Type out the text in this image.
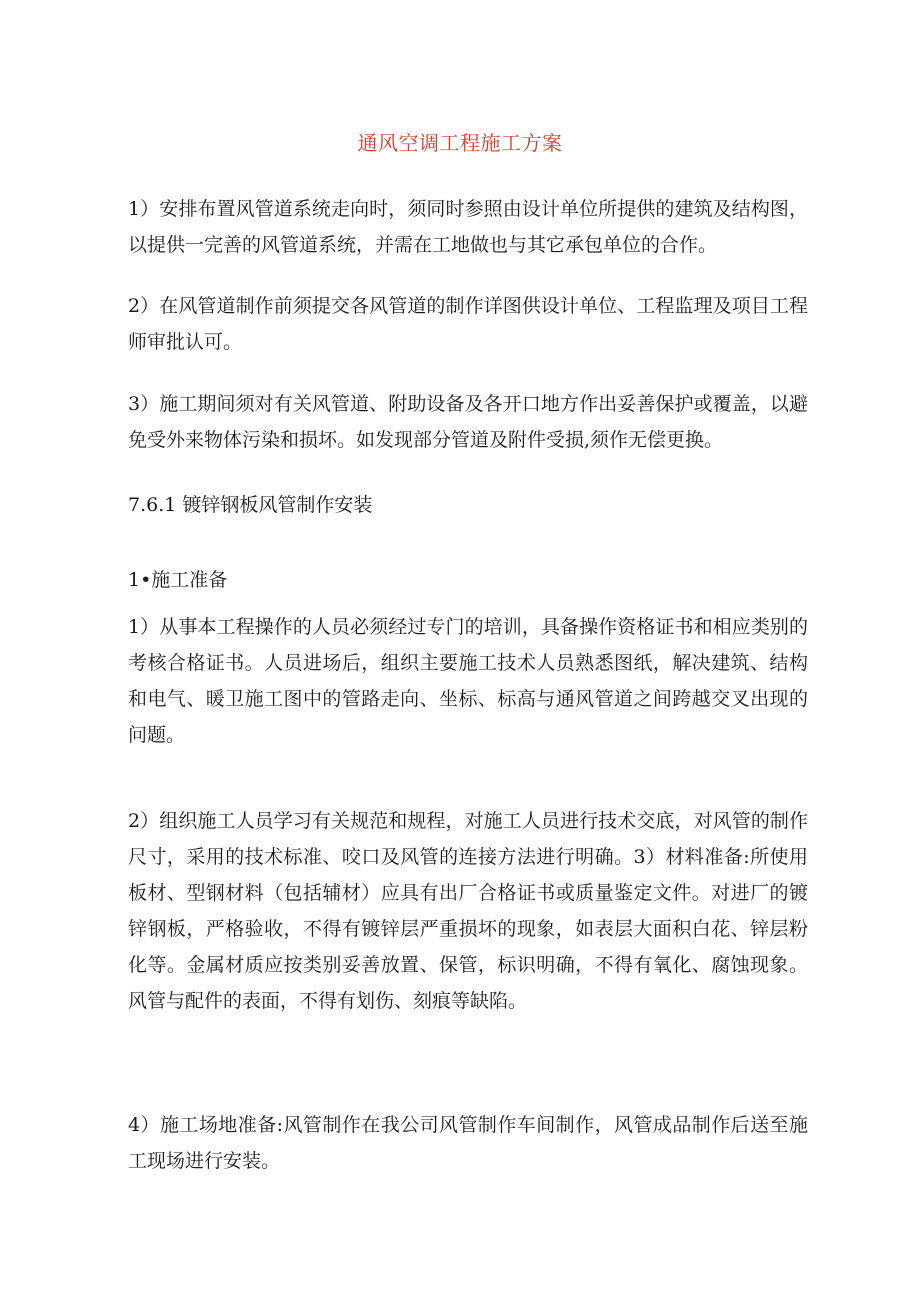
通风空调工程施工方案

1）安排布置风管道系统走向时，须同时参照由设计单位所提供的建筑及结构图，以提供一完善的风管道系统，并需在工地做也与其它承包单位的合作。

2）在风管道制作前须提交各风管道的制作详图供设计单位、工程监理及项目工程师审批认可。

3）施工期间须对有关风管道、附助设备及各开口地方作出妥善保护或覆盖，以避免受外来物体污染和损坏。如发现部分管道及附件受损,须作无偿更换。

7.6.1 镀锌钢板风管制作安装
1•施工准备

1）从事本工程操作的人员必须经过专门的培训，具备操作资格证书和相应类别的考核合格证书。人员进场后，组织主要施工技术人员熟悉图纸，解决建筑、结构和电气、暖卫施工图中的管路走向、坐标、标高与通风管道之间跨越交叉出现的问题。

2）组织施工人员学习有关规范和规程，对施工人员进行技术交底，对风管的制作尺寸，采用的技术标准、咬口及风管的连接方法进行明确。3）材料准备:所使用板材、型钢材料（包括辅材）应具有出厂合格证书或质量鉴定文件。对进厂的镀锌钢板，严格验收，不得有镀锌层严重损坏的现象，如表层大面积白花、锌层粉化等。金属材质应按类别妥善放置、保管，标识明确，不得有氧化、腐蚀现象。风管与配件的表面，不得有划伤、刻痕等缺陷。

4）施工场地准备:风管制作在我公司风管制作车间制作，风管成品制作后送至施工现场进行安装。
